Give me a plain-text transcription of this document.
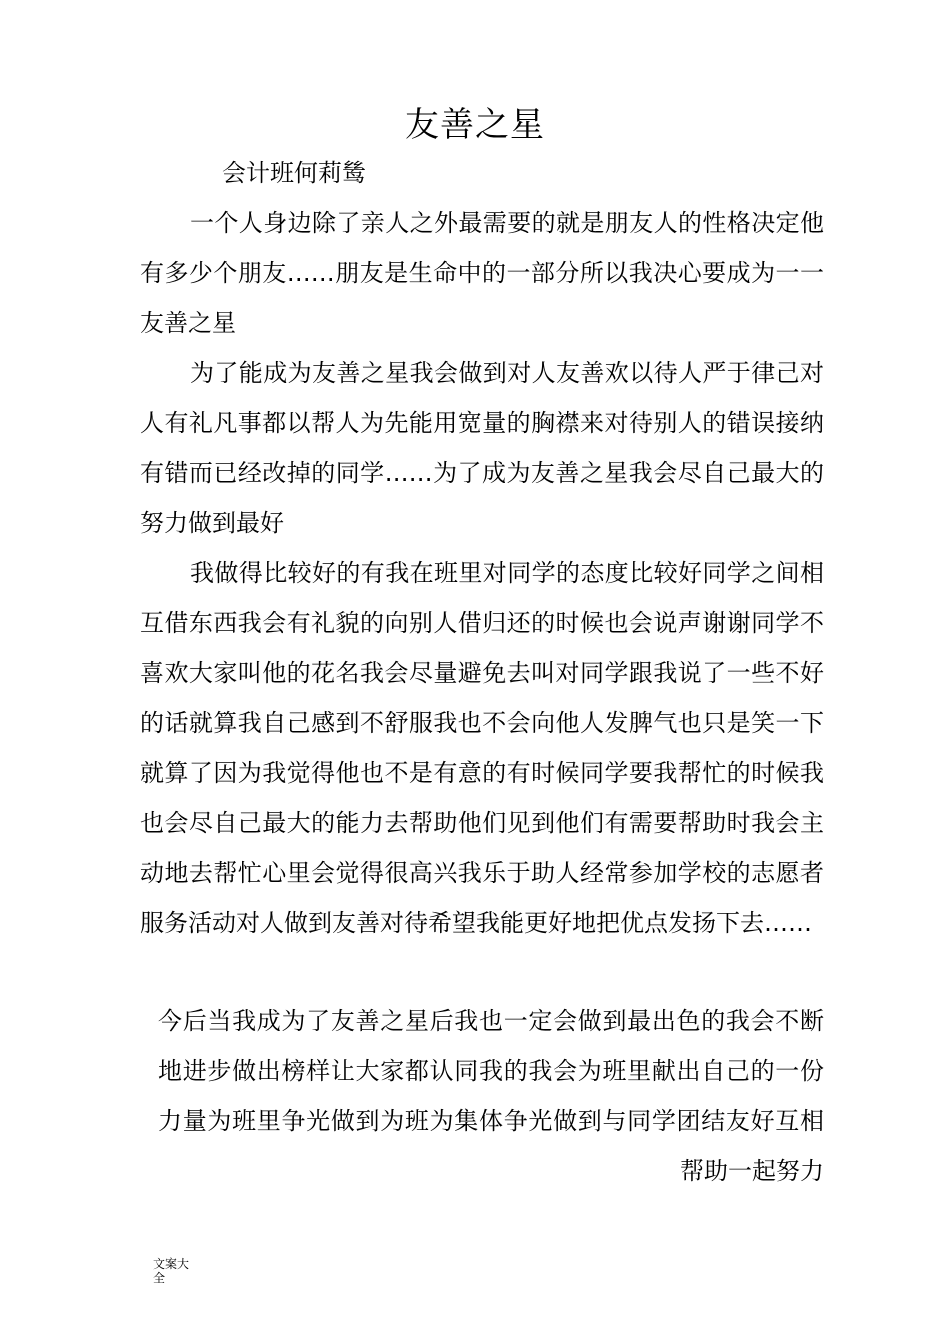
友善之星
会计班何莉鸶

一个人身边除了亲人之外最需要的就是朋友人的性格决定他有多少个朋友……朋友是生命中的一部分所以我决心要成为一一友善之星

为了能成为友善之星我会做到对人友善欢以待人严于律己对人有礼凡事都以帮人为先能用宽量的胸襟来对待别人的错误接纳有错而已经改掉的同学……为了成为友善之星我会尽自己最大的努力做到最好

我做得比较好的有我在班里对同学的态度比较好同学之间相互借东西我会有礼貌的向别人借归还的时候也会说声谢谢同学不喜欢大家叫他的花名我会尽量避免去叫对同学跟我说了一些不好的话就算我自己感到不舒服我也不会向他人发脾气也只是笑一下就算了因为我觉得他也不是有意的有时候同学要我帮忙的时候我也会尽自己最大的能力去帮助他们见到他们有需要帮助时我会主动地去帮忙心里会觉得很高兴我乐于助人经常参加学校的志愿者服务活动对人做到友善对待希望我能更好地把优点发扬下去……

今后当我成为了友善之星后我也一定会做到最出色的我会不断地进步做出榜样让大家都认同我的我会为班里献出自己的一份力量为班里争光做到为班为集体争光做到与同学团结友好互相帮助一起努力

文案大全
